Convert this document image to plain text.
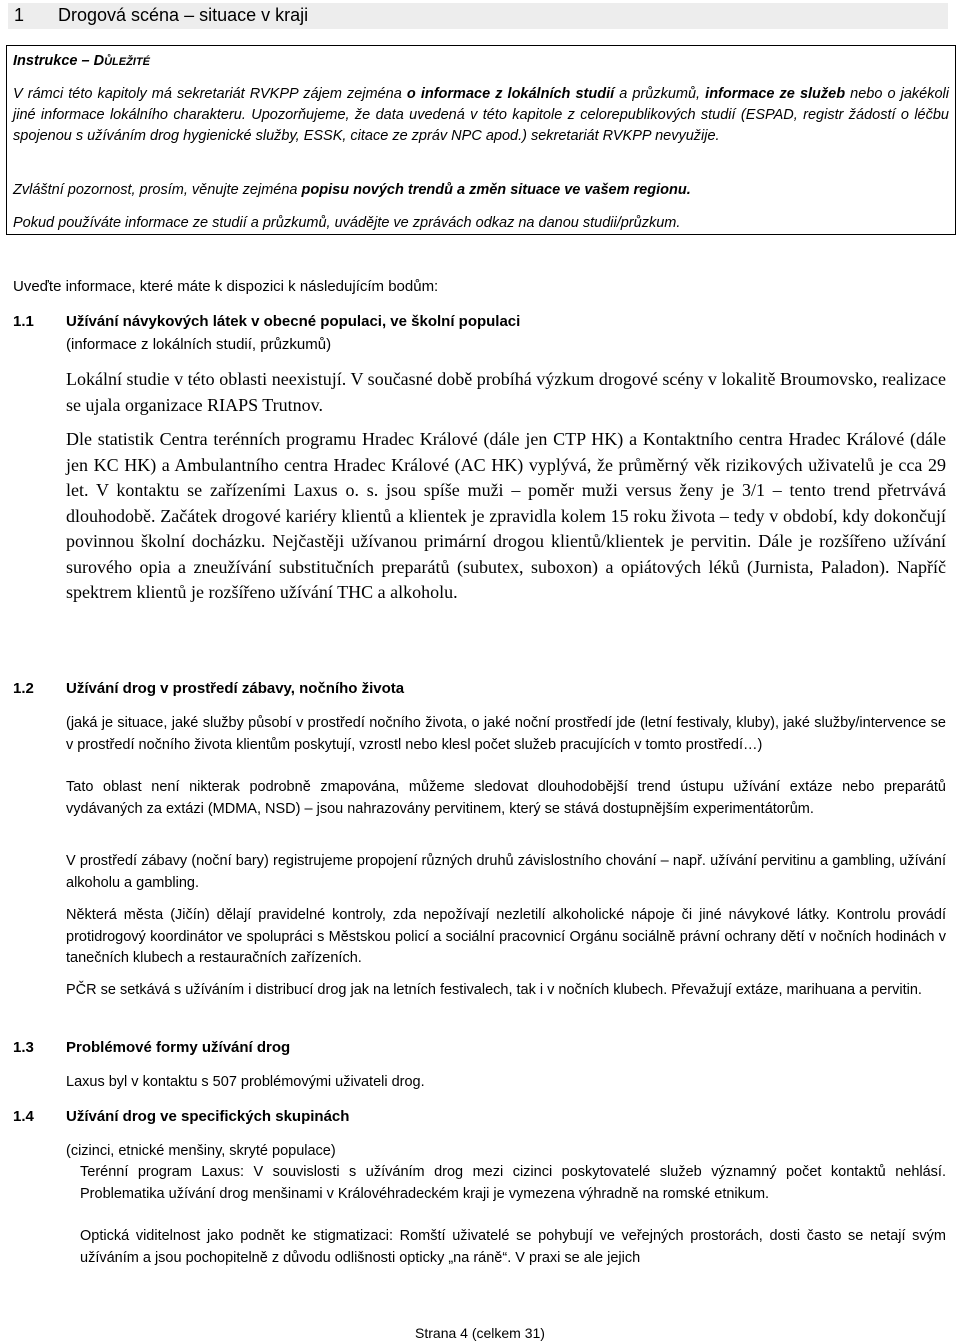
1 Drogová scéna – situace v kraji
Instrukce – DŮLEŽITÉ

V rámci této kapitoly má sekretariát RVKPP zájem zejména o informace z lokálních studií a průzkumů, informace ze služeb nebo o jakékoli jiné informace lokálního charakteru. Upozorňujeme, že data uvedená v této kapitole z celorepublikových studií (ESPAD, registr žádostí o léčbu spojenou s užíváním drog hygienické služby, ESSK, citace ze zpráv NPC apod.) sekretariát RVKPP nevyužije.

Zvláštní pozornost, prosím, věnujte zejména popisu nových trendů a změn situace ve vašem regionu.

Pokud používáte informace ze studií a průzkumů, uvádějte ve zprávách odkaz na danou studii/průzkum.

Uveďte informace, které máte k dispozici k následujícím bodům:

1.1 Užívání návykových látek v obecné populaci, ve školní populaci

(informace z lokálních studií, průzkumů)

Lokální studie v této oblasti neexistují. V současné době probíhá výzkum drogové scény v lokalitě Broumovsko, realizace se ujala organizace RIAPS Trutnov.

Dle statistik Centra terénních programu Hradec Králové (dále jen CTP HK) a Kontaktního centra Hradec Králové (dále jen KC HK) a Ambulantního centra Hradec Králové (AC HK) vyplývá, že průměrný věk rizikových uživatelů je cca 29 let. V kontaktu se zařízeními Laxus o. s. jsou spíše muži – poměr muži versus ženy je 3/1 – tento trend přetrvává dlouhodobě. Začátek drogové kariéry klientů a klientek je zpravidla kolem 15 roku života – tedy v období, kdy dokončují povinnou školní docházku. Nejčastěji užívanou primární drogou klientů/klientek je pervitin. Dále je rozšířeno užívání surového opia a zneužívání substitučních preparátů (subutex, suboxon) a opiátových léků (Jurnista, Paladon). Napříč spektrem klientů je rozšířeno užívání THC a alkoholu.

1.2 Užívání drog v prostředí zábavy, nočního života

(jaká je situace, jaké služby působí v prostředí nočního života, o jaké noční prostředí jde (letní festivaly, kluby), jaké služby/intervence se v prostředí nočního života klientům poskytují, vzrostl nebo klesl počet služeb pracujících v tomto prostředí…)

Tato oblast není nikterak podrobně zmapována, můžeme sledovat dlouhodobější trend ústupu užívání extáze nebo preparátů vydávaných za extázi (MDMA, NSD) – jsou nahrazovány pervitinem, který se stává dostupnějším experimentátorům.

V prostředí zábavy (noční bary) registrujeme propojení různých druhů závislostního chování – např. užívání pervitinu a gambling, užívání alkoholu a gambling.

Některá města (Jičín) dělají pravidelné kontroly, zda nepožívají nezletilí alkoholické nápoje či jiné návykové látky. Kontrolu provádí protidrogový koordinátor ve spolupráci s Městskou policí a sociální pracovnicí Orgánu sociálně právní ochrany dětí v nočních hodinách v tanečních klubech a restauračních zařízeních.

PČR se setkává s užíváním i distribucí drog jak na letních festivalech, tak i v nočních klubech. Převažují extáze, marihuana a pervitin.

1.3 Problémové formy užívání drog

Laxus byl v kontaktu s 507 problémovými uživateli drog.

1.4 Užívání drog ve specifických skupinách

(cizinci, etnické menšiny, skryté populace)

Terénní program Laxus: V souvislosti s užíváním drog mezi cizinci poskytovatelé služeb významný počet kontaktů nehlásí. Problematika užívání drog menšinami v Královéhradeckém kraji je vymezena výhradně na romské etnikum.

Optická viditelnost jako podnět ke stigmatizaci: Romští uživatelé se pohybují ve veřejných prostorách, dosti často se netají svým užíváním a jsou pochopitelně z důvodu odlišnosti opticky „na ráně“. V praxi se ale jejich

Strana 4 (celkem 31)
